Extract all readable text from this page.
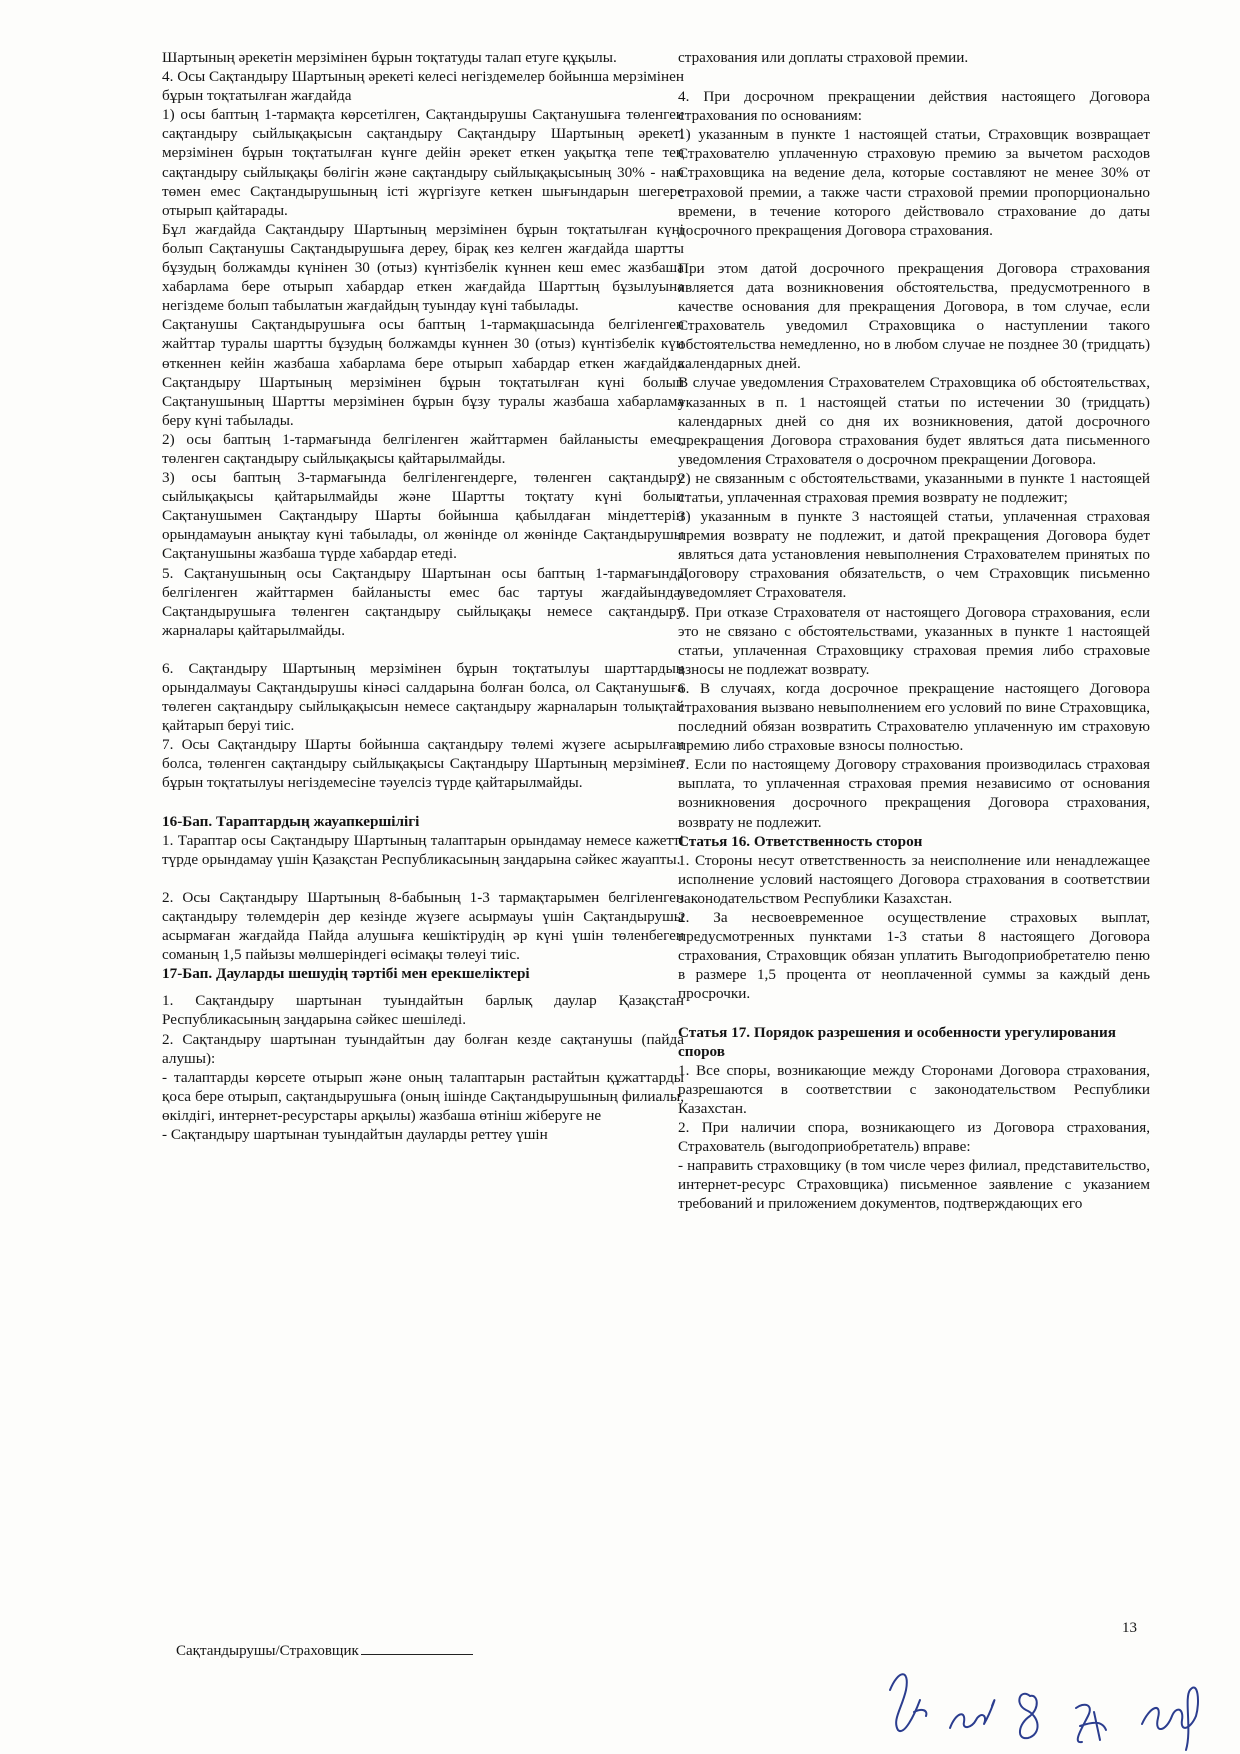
Шартының әрекетін мерзімінен бұрын тоқтатуды талап етуге құқылы.

4. Осы Сақтандыру Шартының әрекеті келесі негіздемелер бойынша мерзімінен бұрын тоқтатылған жағдайда

1) осы баптың 1-тармақта көрсетілген, Сақтандырушы Сақтанушыға төленген сақтандыру сыйлықақысын сақтандыру Сақтандыру Шартының әрекеті мерзімінен бұрын тоқтатылған күнге дейін әрекет еткен уақытқа тепе тең сақтандыру сыйлықақы бөлігін және сақтандыру сыйлықақысының 30% - нан төмен емес Сақтандырушының істі жүргізуге кеткен шығындарын шегере отырып қайтарады.

Бұл жағдайда Сақтандыру Шартының мерзімінен бұрын тоқтатылған күні болып Сақтанушы Сақтандырушыға дереу, бірақ кез келген жағдайда шартты бұзудың болжамды күнінен 30 (отыз) күнтізбелік күннен кеш емес жазбаша хабарлама бере отырып хабардар еткен жағдайда Шарттың бұзылуына негіздеме болып табылатын жағдайдың туындау күні табылады.

Сақтанушы Сақтандырушыға осы баптың 1-тармақшасында белгіленген жайттар туралы шартты бұзудың болжамды күннен 30 (отыз) күнтізбелік күн өткеннен кейін жазбаша хабарлама бере отырып хабардар еткен жағдайда Сақтандыру Шартының мерзімінен бұрын тоқтатылған күні болып Сақтанушының Шартты мерзімінен бұрын бұзу туралы жазбаша хабарлама беру күні табылады.

2) осы баптың 1-тармағында белгіленген жайттармен байланысты емес, төленген сақтандыру сыйлықақысы қайтарылмайды.

3) осы баптың 3-тармағында белгіленгендерге, төленген сақтандыру сыйлықақысы қайтарылмайды және Шартты тоқтату күні болып Сақтанушымен Сақтандыру Шарты бойынша қабылдаған міндеттерін орындамауын анықтау күні табылады, ол жөнінде ол жөнінде Сақтандырушы Сақтанушыны жазбаша түрде хабардар етеді.

5. Сақтанушының осы Сақтандыру Шартынан осы баптың 1-тармағында белгіленген жайттармен байланысты емес бас тартуы жағдайында, Сақтандырушыға төленген сақтандыру сыйлықақы немесе сақтандыру жарналары қайтарылмайды.

6. Сақтандыру Шартының мерзімінен бұрын тоқтатылуы шарттардың орындалмауы Сақтандырушы кінәсі салдарына болған болса, ол Сақтанушыға төлеген сақтандыру сыйлықақысын немесе сақтандыру жарналарын толықтай қайтарып беруі тиіс.

7. Осы Сақтандыру Шарты бойынша сақтандыру төлемі жүзеге асырылған болса, төленген сақтандыру сыйлықақысы Сақтандыру Шартының мерзімінен бұрын тоқтатылуы негіздемесіне тәуелсіз түрде қайтарылмайды.

16-Бап. Тараптардың жауапкершілігі

1. Тараптар осы Сақтандыру Шартының талаптарын орындамау немесе кажетті түрде орындамау үшін Қазақстан Республикасының заңдарына сәйкес жауапты.

2. Осы Сақтандыру Шартының 8-бабының 1-3 тармақтарымен белгіленген сақтандыру төлемдерін дер кезінде жүзеге асырмауы үшін Сақтандырушы асырмаған жағдайда Пайда алушыға кешіктірудің әр күні үшін төленбеген соманың 1,5 пайызы мөлшеріндегі өсімақы төлеуі тиіс.

17-Бап. Дауларды шешудің тәртібі мен ерекшеліктері

1. Сақтандыру шартынан туындайтын барлық даулар Қазақстан Республикасының заңдарына сәйкес шешіледі.

2. Сақтандыру шартынан туындайтын дау болған кезде сақтанушы (пайда алушы):

- талаптарды көрсете отырып және оның талаптарын растайтын құжаттарды қоса бере отырып, сақтандырушыға (оның ішінде Сақтандырушының филиалы, өкілдігі, интернет-ресурстары арқылы) жазбаша өтініш жіберуге не

- Сақтандыру шартынан туындайтын дауларды реттеу үшін

страхования или доплаты страховой премии.

4. При досрочном прекращении действия настоящего Договора страхования по основаниям:

1) указанным в пункте 1 настоящей статьи, Страховщик возвращает Страхователю уплаченную страховую премию за вычетом расходов Страховщика на ведение дела, которые составляют не менее 30% от страховой премии, а также части страховой премии пропорционально времени, в течение которого действовало страхование до даты досрочного прекращения Договора страхования.

При этом датой досрочного прекращения Договора страхования является дата возникновения обстоятельства, предусмотренного в качестве основания для прекращения Договора, в том случае, если Страхователь уведомил Страховщика о наступлении такого обстоятельства немедленно, но в любом случае не позднее 30 (тридцать) календарных дней.

В случае уведомления Страхователем Страховщика об обстоятельствах, указанных в п. 1 настоящей статьи по истечении 30 (тридцать) календарных дней со дня их возникновения, датой досрочного прекращения Договора страхования будет являться дата письменного уведомления Страхователя о досрочном прекращении Договора.

2) не связанным с обстоятельствами, указанными в пункте 1 настоящей статьи, уплаченная страховая премия возврату не подлежит;

3) указанным в пункте 3 настоящей статьи, уплаченная страховая премия возврату не подлежит, и датой прекращения Договора будет являться дата установления невыполнения Страхователем принятых по Договору страхования обязательств, о чем Страховщик письменно уведомляет Страхователя.

5. При отказе Страхователя от настоящего Договора страхования, если это не связано с обстоятельствами, указанных в пункте 1 настоящей статьи, уплаченная Страховщику страховая премия либо страховые взносы не подлежат возврату.

6. В случаях, когда досрочное прекращение настоящего Договора страхования вызвано невыполнением его условий по вине Страховщика, последний обязан возвратить Страхователю уплаченную им страховую премию либо страховые взносы полностью.

7. Если по настоящему Договору страхования производилась страховая выплата, то уплаченная страховая премия независимо от основания возникновения досрочного прекращения Договора страхования, возврату не подлежит.

Статья 16. Ответственность сторон

1. Стороны несут ответственность за неисполнение или ненадлежащее исполнение условий настоящего Договора страхования в соответствии законодательством Республики Казахстан.

2. За несвоевременное осуществление страховых выплат, предусмотренных пунктами 1-3 статьи 8 настоящего Договора страхования, Страховщик обязан уплатить Выгодоприобретателю пеню в размере 1,5 процента от неоплаченной суммы за каждый день просрочки.

Статья 17. Порядок разрешения и особенности урегулирования споров

1. Все споры, возникающие между Сторонами Договора страхования, разрешаются в соответствии с законодательством Республики Казахстан.

2. При наличии спора, возникающего из Договора страхования, Страхователь (выгодоприобретатель) вправе:

- направить страховщику (в том числе через филиал, представительство, интернет-ресурс Страховщика) письменное заявление с указанием требований и приложением документов, подтверждающих его

13
Сақтандырушы/Страховщик
